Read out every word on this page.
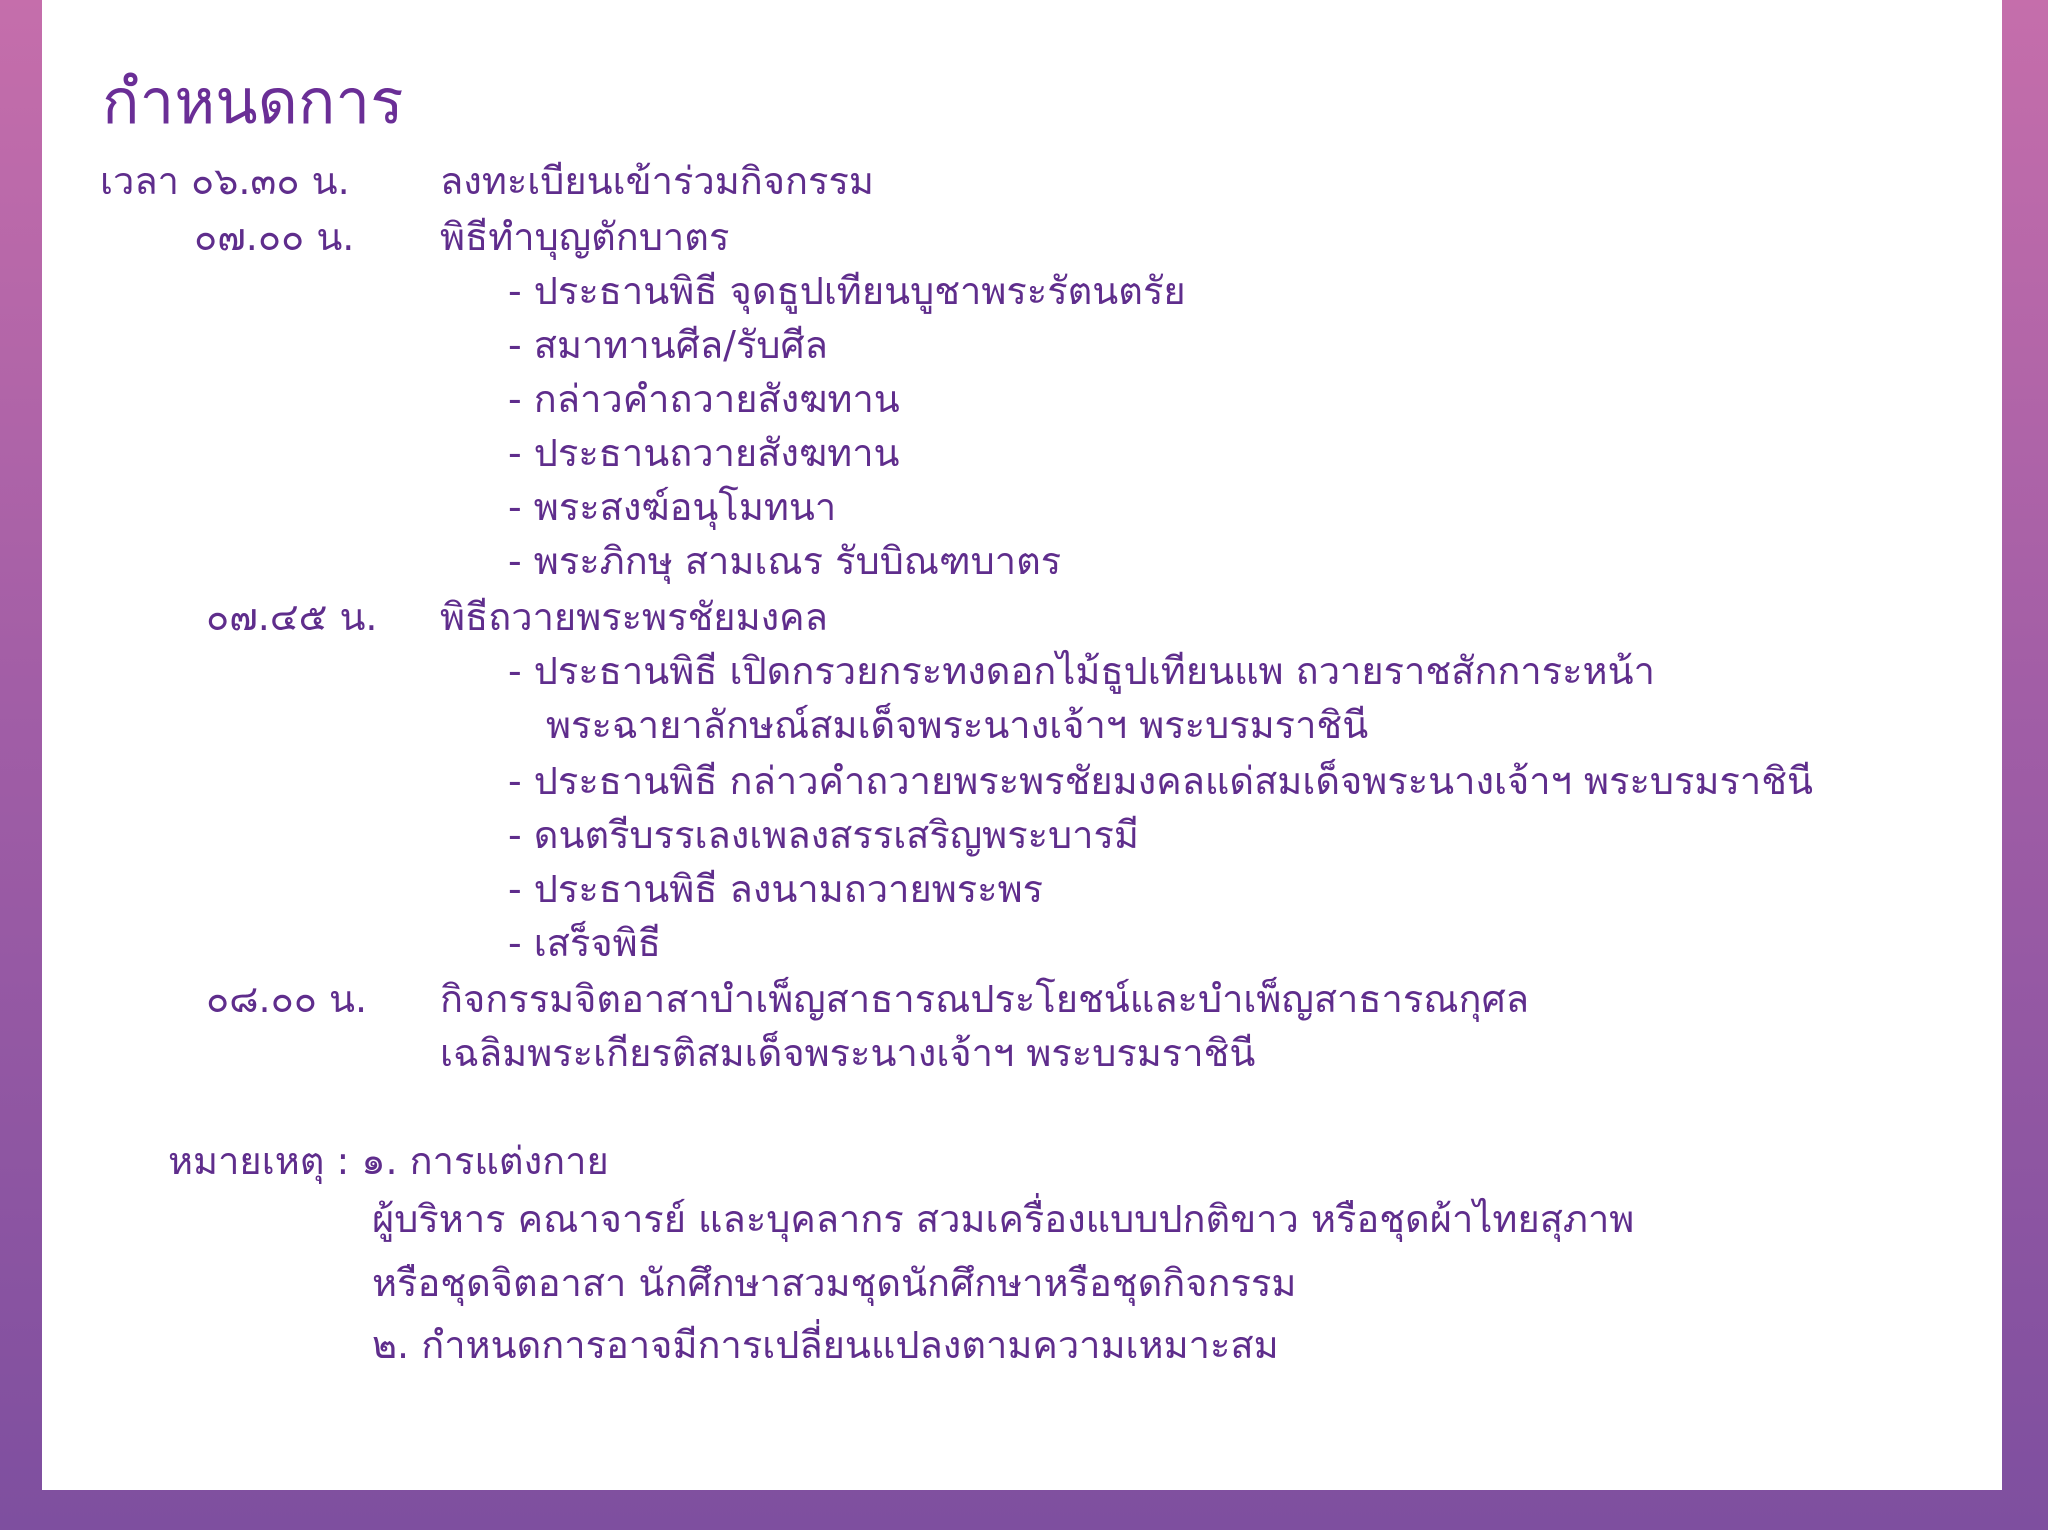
กำหนดการ
เวลา ๐๖.๓๐ น. ลงทะเบียนเข้าร่วมกิจกรรม
๐๗.๐๐ น. พิธีทำบุญตักบาตร
- ประธานพิธี จุดธูปเทียนบูชาพระรัตนตรัย
- สมาทานศีล/รับศีล
- กล่าวคำถวายสังฆทาน
- ประธานถวายสังฆทาน
- พระสงฆ์อนุโมทนา
- พระภิกษุ สามเณร รับบิณฑบาตร
๐๗.๔๕ น. พิธีถวายพระพรชัยมงคล
- ประธานพิธี เปิดกรวยกระทงดอกไม้ธูปเทียนแพ ถวายราชสักการะหน้า
พระฉายาลักษณ์สมเด็จพระนางเจ้าฯ พระบรมราชินี
- ประธานพิธี กล่าวคำถวายพระพรชัยมงคลแด่สมเด็จพระนางเจ้าฯ พระบรมราชินี
- ดนตรีบรรเลงเพลงสรรเสริญพระบารมี
- ประธานพิธี ลงนามถวายพระพร
- เสร็จพิธี
๐๘.๐๐ น. กิจกรรมจิตอาสาบำเพ็ญสาธารณประโยชน์และบำเพ็ญสาธารณกุศล
เฉลิมพระเกียรติสมเด็จพระนางเจ้าฯ พระบรมราชินี
หมายเหตุ : ๑. การแต่งกาย
ผู้บริหาร คณาจารย์ และบุคลากร สวมเครื่องแบบปกติขาว หรือชุดผ้าไทยสุภาพ
หรือชุดจิตอาสา นักศึกษาสวมชุดนักศึกษาหรือชุดกิจกรรม
๒. กำหนดการอาจมีการเปลี่ยนแปลงตามความเหมาะสม
